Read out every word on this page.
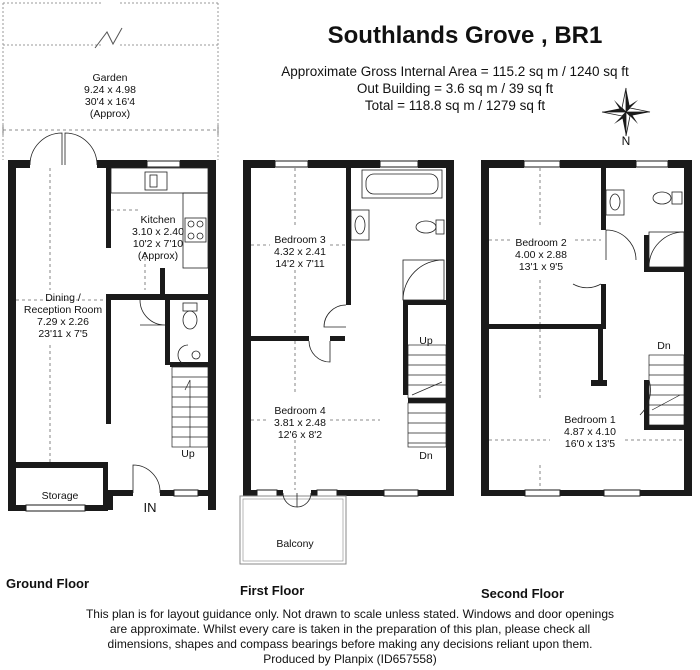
Southlands Grove , BR1
Approximate Gross Internal Area = 115.2 sq m / 1240 sq ft
Out Building = 3.6 sq m / 39 sq ft
Total = 118.8 sq m / 1279 sq ft
N
Garden
9.24 x 4.98
30'4 x 16'4
(Approx)
Kitchen
3.10 x 2.40
10'2 x 7'10
(Approx)
Dining /
Reception Room
7.29 x 2.26
23'11 x 7'5
Storage
Up
IN
Bedroom 3
4.32 x 2.41
14'2 x 7'11
Bedroom 4
3.81 x 2.48
12'6 x 8'2
Balcony
Up
Dn
Bedroom 2
4.00 x 2.88
13'1 x 9'5
Bedroom 1
4.87 x 4.10
16'0 x 13'5
Dn
Ground Floor	First Floor	Second Floor
This plan is for layout guidance only. Not drawn to scale unless stated. Windows and door openings
are approximate. Whilst every care is taken in the preparation of this plan, please check all
dimensions, shapes and compass bearings before making any decisions reliant upon them.
Produced by Planpix (ID657558)
